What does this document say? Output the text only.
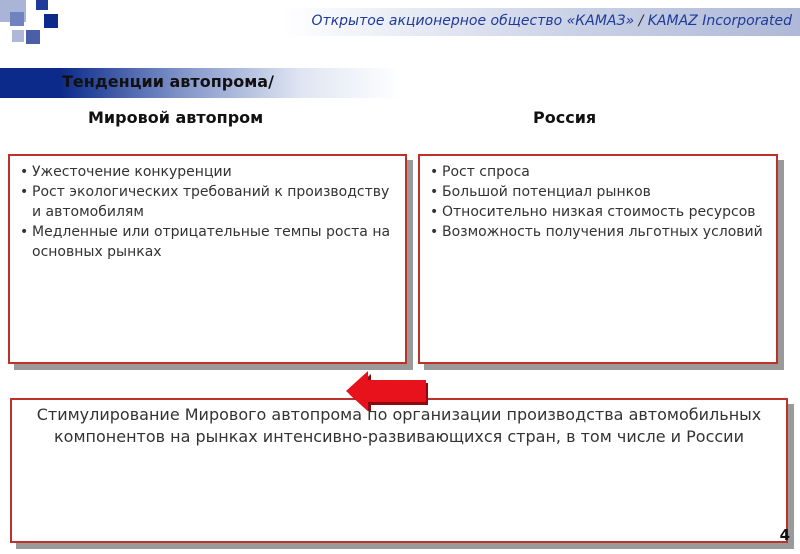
Открытое акционерное общество «КАМАЗ» / KAMAZ Incorporated
Тенденции автопрома/
Мировой автопром	Россия
• Ужесточение конкуренции
• Рост экологических требований к производству и автомобилям
• Медленные или отрицательные темпы роста на основных рынках
• Рост спроса
• Большой потенциал рынков
• Относительно низкая стоимость ресурсов
• Возможность получения льготных условий
Стимулирование Мирового автопрома по организации производства автомобильных компонентов на рынках интенсивно-развивающихся стран, в том числе и России
4
